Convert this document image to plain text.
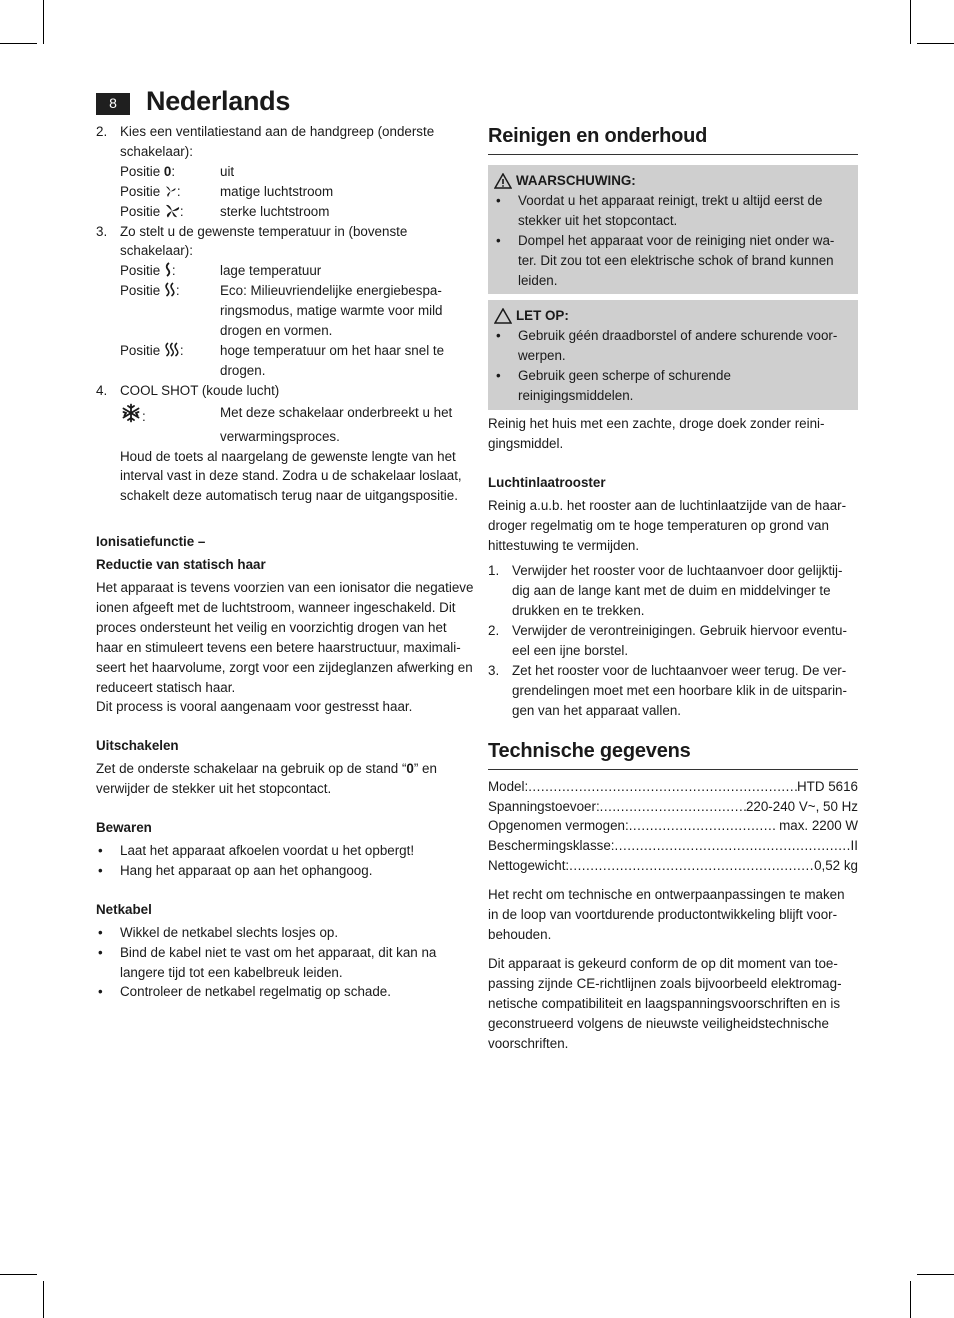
8	Nederlands
2. Kies een ventilatiestand aan de handgreep (onderste
schakelaar):
Positie 0:	uit
Positie :	matige luchtstroom
Positie :	sterke luchtstroom
3. Zo stelt u de gewenste temperatuur in (bovenste
schakelaar):
Positie :	lage temperatuur
Positie :	Eco: Milieuvriendelijke energiebespa-
ringsmodus, matige warmte voor mild
drogen en vormen.
Positie :	hoge temperatuur om het haar snel te
drogen.
4. COOL SHOT (koude lucht)
:	Met deze schakelaar onderbreekt u het
verwarmingsproces.
Houd de toets al naargelang de gewenste lengte van het
interval vast in deze stand. Zodra u de schakelaar loslaat,
schakelt deze automatisch terug naar de uitgangspositie.
Ionisatiefunctie –
Reductie van statisch haar
Het apparaat is tevens voorzien van een ionisator die negatieve
ionen afgeeft met de luchtstroom, wanneer ingeschakeld. Dit
proces ondersteunt het veilig en voorzichtig drogen van het
haar en stimuleert tevens een betere haarstructuur, maximali-
seert het haarvolume, zorgt voor een zijdeglanzen afwerking en
reduceert statisch haar.
Dit process is vooral aangenaam voor gestresst haar.
Uitschakelen
Zet de onderste schakelaar na gebruik op de stand “0” en
verwijder de stekker uit het stopcontact.
Bewaren
•	Laat het apparaat afkoelen voordat u het opbergt!
•	Hang het apparaat op aan het ophangoog.
Netkabel
•	Wikkel de netkabel slechts losjes op.
•	Bind de kabel niet te vast om het apparaat, dit kan na
langere tijd tot een kabelbreuk leiden.
•	Controleer de netkabel regelmatig op schade.
Reinigen en onderhoud
WAARSCHUWING:
•	Voordat u het apparaat reinigt, trekt u altijd eerst de
stekker uit het stopcontact.
•	Dompel het apparaat voor de reiniging niet onder wa-
ter. Dit zou tot een elektrische schok of brand kunnen
leiden.
LET OP:
•	Gebruik géén draadborstel of andere schurende voor-
werpen.
•	Gebruik geen scherpe of schurende
reinigingsmiddelen.
Reinig het huis met een zachte, droge doek zonder reini-
gingsmiddel.
Luchtinlaatrooster
Reinig a.u.b. het rooster aan de luchtinlaatzijde van de haar-
droger regelmatig om te hoge temperaturen op grond van
hittestuwing te vermijden.
1. Verwijder het rooster voor de luchtaanvoer door gelijktij-
dig aan de lange kant met de duim en middelvinger te
drukken en te trekken.
2. Verwijder de verontreinigingen. Gebruik hiervoor eventu-
eel een ijne borstel.
3. Zet het rooster voor de luchtaanvoer weer terug. De ver-
grendelingen moet met een hoorbare klik in de uitsparin-
gen van het apparaat vallen.
Technische gegevens
Model: .....	HTD 5616
Spanningstoevoer: .....	220-240 V~, 50 Hz
Opgenomen vermogen: .....	max. 2200 W
Beschermingsklasse: .....	II
Nettogewicht: .....	0,52 kg
Het recht om technische en ontwerpaanpassingen te maken
in de loop van voortdurende productontwikkeling blijft voor-
behouden.
Dit apparaat is gekeurd conform de op dit moment van toe-
passing zijnde CE-richtlijnen zoals bijvoorbeeld elektromag-
netische compatibiliteit en laagspanningsvoorschriften en is
geconstrueerd volgens de nieuwste veiligheidstechnische
voorschriften.
